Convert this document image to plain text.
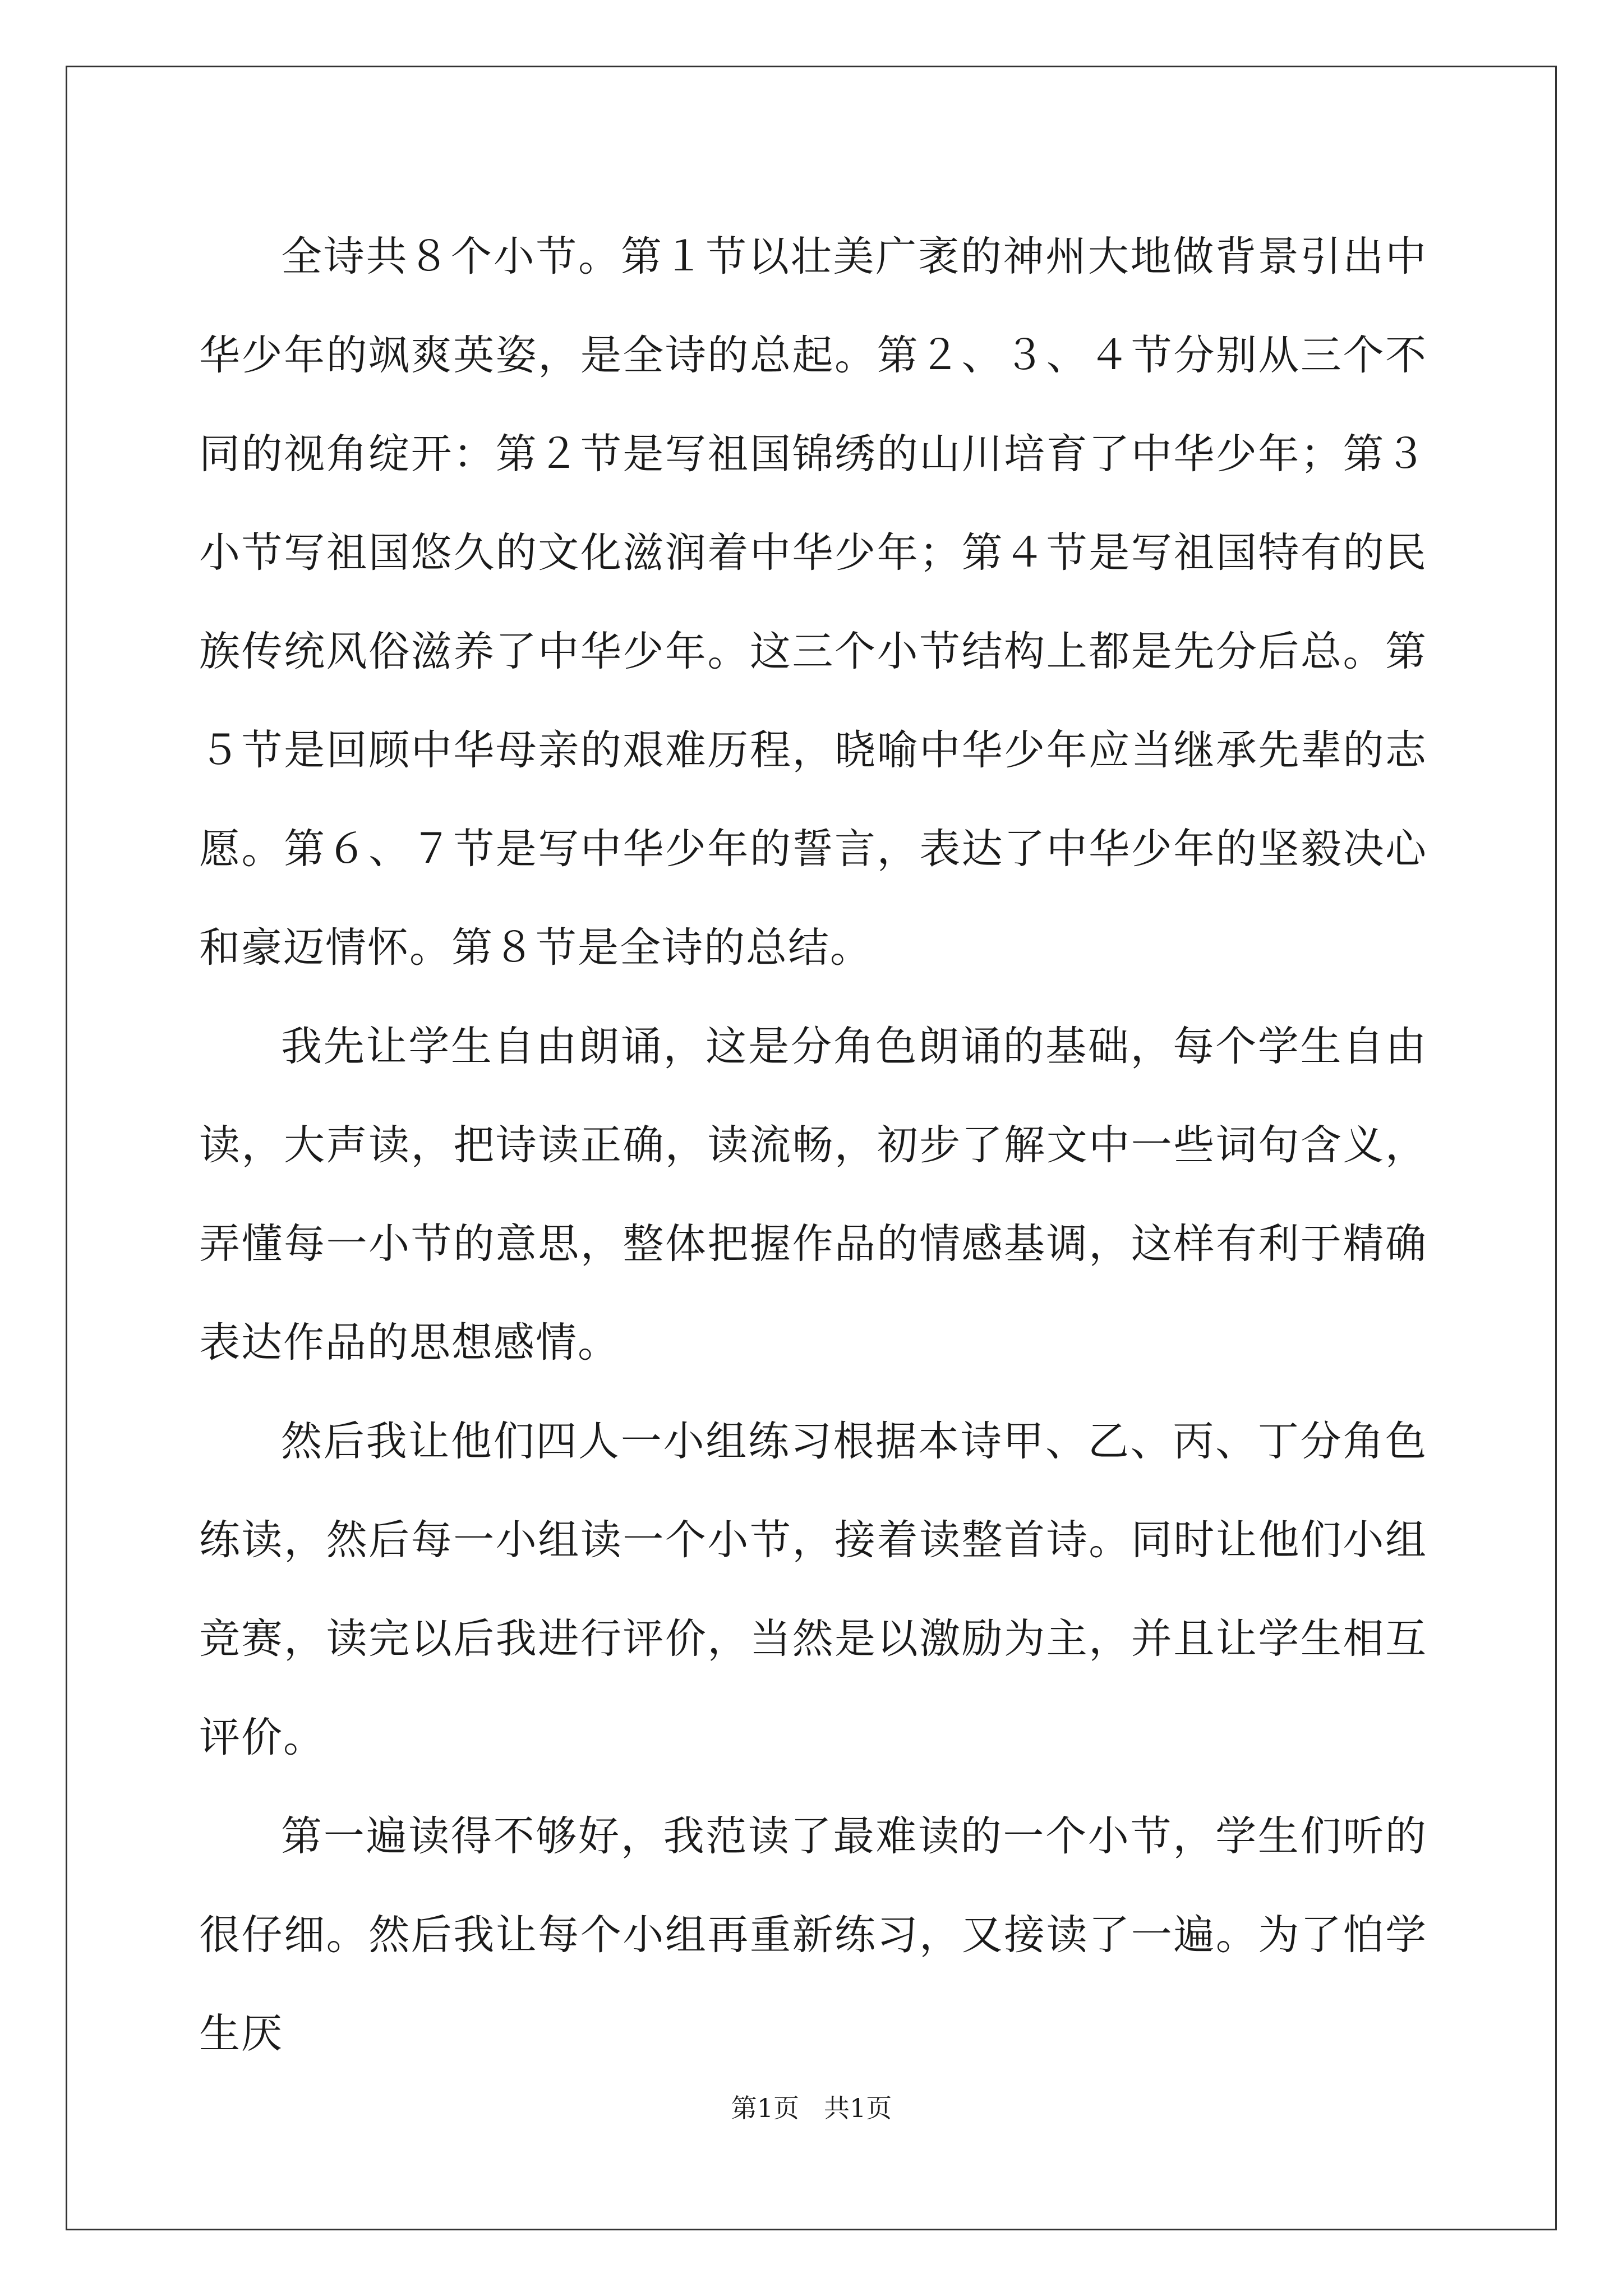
全诗共８个小节。第１节以壮美广袤的神州大地做背景引出中华少年的飒爽英姿，是全诗的总起。第２、３、４节分别从三个不同的视角绽开：第２节是写祖国锦绣的山川培育了中华少年；第３小节写祖国悠久的文化滋润着中华少年；第４节是写祖国特有的民族传统风俗滋养了中华少年。这三个小节结构上都是先分后总。第５节是回顾中华母亲的艰难历程，晓喻中华少年应当继承先辈的志愿。第６、７节是写中华少年的誓言，表达了中华少年的坚毅决心和豪迈情怀。第８节是全诗的总结。

我先让学生自由朗诵，这是分角色朗诵的基础，每个学生自由读，大声读，把诗读正确，读流畅，初步了解文中一些词句含义，弄懂每一小节的意思，整体把握作品的情感基调，这样有利于精确表达作品的思想感情。

然后我让他们四人一小组练习根据本诗甲、乙、丙、丁分角色练读，然后每一小组读一个小节，接着读整首诗。同时让他们小组竞赛，读完以后我进行评价，当然是以激励为主，并且让学生相互评价。

第一遍读得不够好，我范读了最难读的一个小节，学生们听的很仔细。然后我让每个小组再重新练习，又接读了一遍。为了怕学生厌

第1页 共1页
